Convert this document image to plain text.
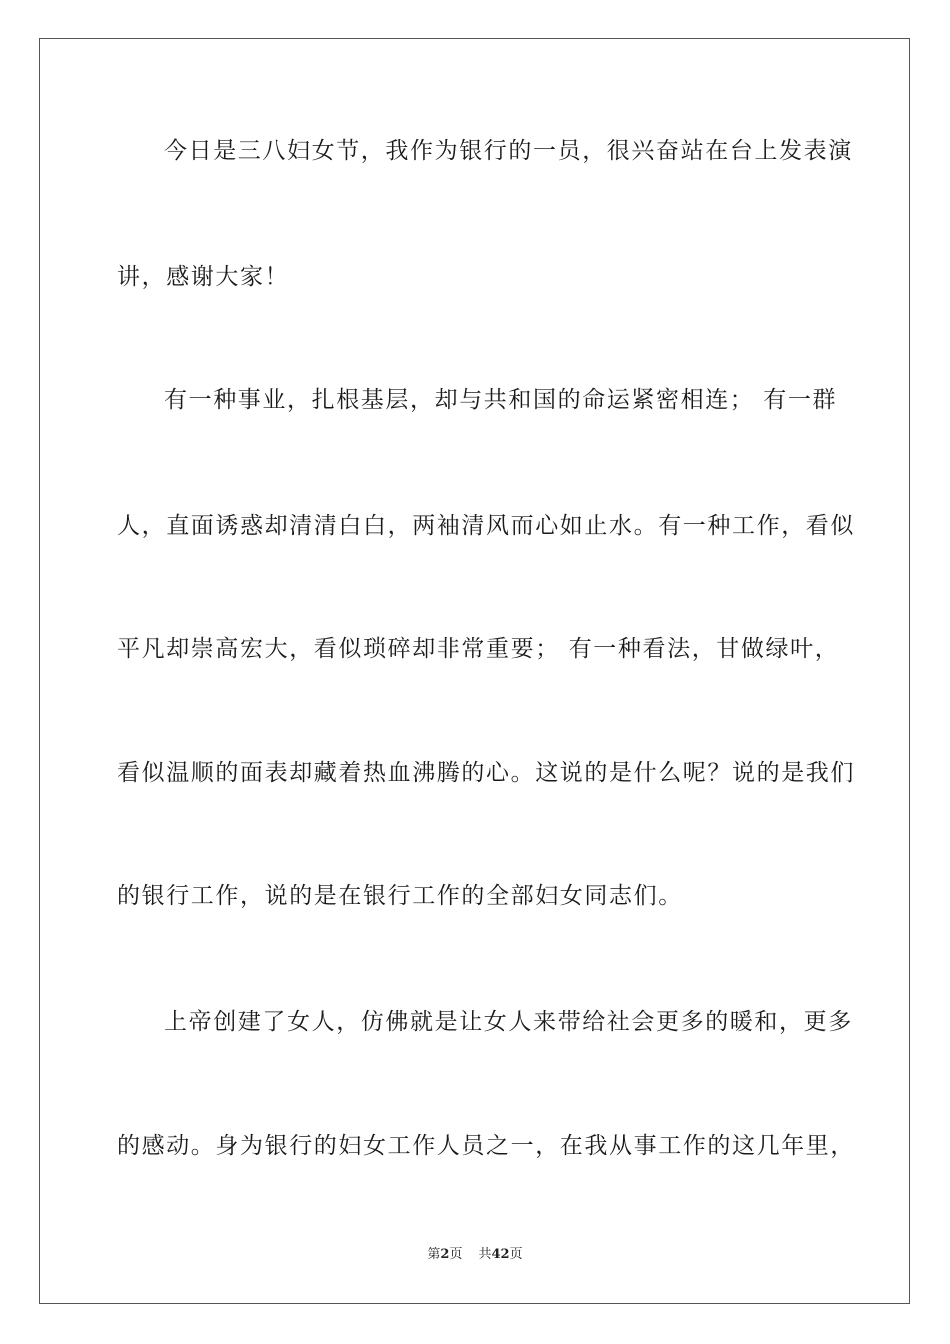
今日是三八妇女节，我作为银行的一员，很兴奋站在台上发表演
讲，感谢大家！
有一种事业，扎根基层，却与共和国的命运紧密相连； 有一群
人，直面诱惑却清清白白，两袖清风而心如止水。有一种工作，看似
平凡却崇高宏大，看似琐碎却非常重要； 有一种看法，甘做绿叶，
看似温顺的面表却藏着热血沸腾的心。这说的是什么呢？说的是我们
的银行工作，说的是在银行工作的全部妇女同志们。
上帝创建了女人，仿佛就是让女人来带给社会更多的暖和，更多
的感动。身为银行的妇女工作人员之一，在我从事工作的这几年里，
第2页 共42页
